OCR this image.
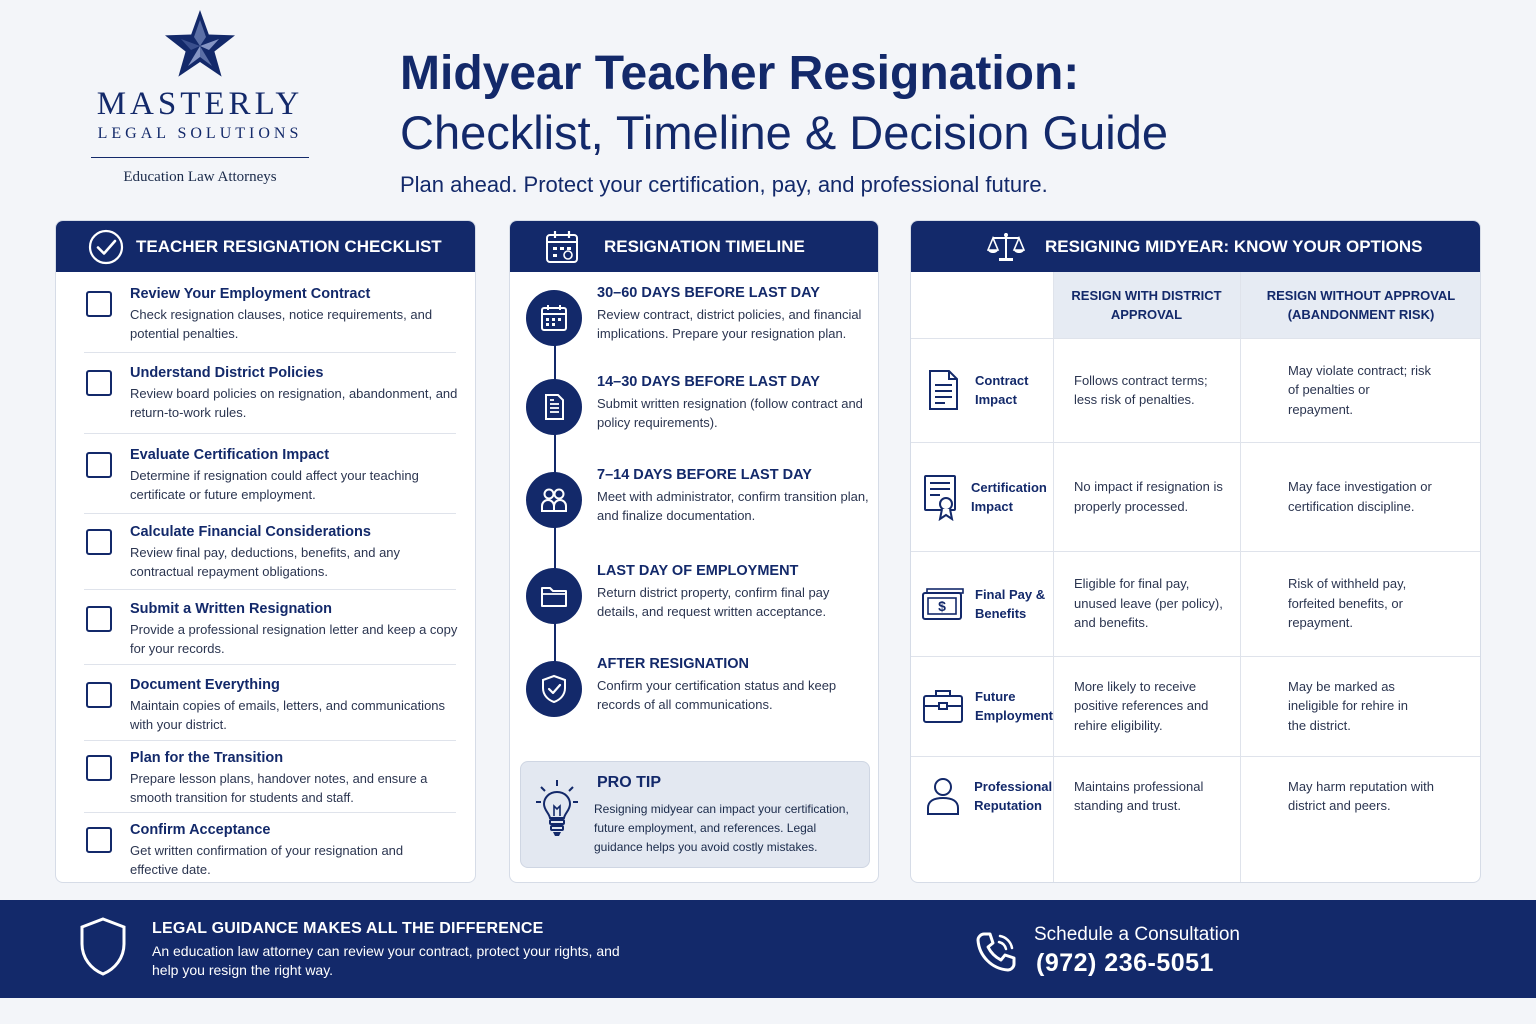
MASTERLY
LEGAL SOLUTIONS
Education Law Attorneys
Midyear Teacher Resignation:
Checklist, Timeline & Decision Guide
Plan ahead. Protect your certification, pay, and professional future.
TEACHER RESIGNATION CHECKLIST
Review Your Employment Contract
Check resignation clauses, notice requirements, and potential penalties.
Understand District Policies
Review board policies on resignation, abandonment, and return-to-work rules.
Evaluate Certification Impact
Determine if resignation could affect your teaching certificate or future employment.
Calculate Financial Considerations
Review final pay, deductions, benefits, and any contractual repayment obligations.
Submit a Written Resignation
Provide a professional resignation letter and keep a copy for your records.
Document Everything
Maintain copies of emails, letters, and communications with your district.
Plan for the Transition
Prepare lesson plans, handover notes, and ensure a smooth transition for students and staff.
Confirm Acceptance
Get written confirmation of your resignation and effective date.
RESIGNATION TIMELINE
30–60 DAYS BEFORE LAST DAY
Review contract, district policies, and financial implications. Prepare your resignation plan.
14–30 DAYS BEFORE LAST DAY
Submit written resignation (follow contract and policy requirements).
7–14 DAYS BEFORE LAST DAY
Meet with administrator, confirm transition plan, and finalize documentation.
LAST DAY OF EMPLOYMENT
Return district property, confirm final pay details, and request written acceptance.
AFTER RESIGNATION
Confirm your certification status and keep records of all communications.
PRO TIP
Resigning midyear can impact your certification, future employment, and references. Legal guidance helps you avoid costly mistakes.
RESIGNING MIDYEAR: KNOW YOUR OPTIONS
RESIGN WITH DISTRICT APPROVAL
RESIGN WITHOUT APPROVAL (ABANDONMENT RISK)
Contract Impact
Follows contract terms; less risk of penalties.
May violate contract; risk of penalties or repayment.
Certification Impact
No impact if resignation is properly processed.
May face investigation or certification discipline.
$
Final Pay & Benefits
Eligible for final pay, unused leave (per policy), and benefits.
Risk of withheld pay, forfeited benefits, or repayment.
Future Employment
More likely to receive positive references and rehire eligibility.
May be marked as ineligible for rehire in the district.
Professional Reputation
Maintains professional standing and trust.
May harm reputation with district and peers.
LEGAL GUIDANCE MAKES ALL THE DIFFERENCE
An education law attorney can review your contract, protect your rights, and help you resign the right way.
Schedule a Consultation
(972) 236-5051
